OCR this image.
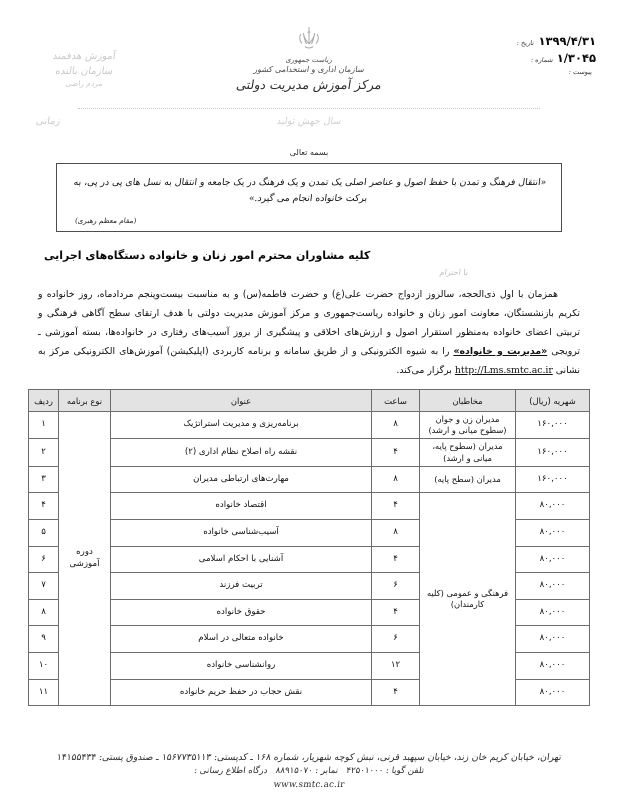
۱۳۹۹/۴/۳۱
تاریخ :
۱/۳۰۴۵
شماره :
پیوست :
ریاست جمهوری
سازمان اداری و استخدامی کشور
مرکز آموزش مدیریت دولتی
آموزش هدفمند
سازمان بالنده
مردم راضی
زمانی	سال جهش تولید
بسمه تعالی
«انتقال فرهنگ و تمدن با حفظ اصول و عناصر اصلی یک تمدن و یک فرهنگ در یک جامعه و انتقال به نسل های پی در پی، به برکت خانواده انجام می گیرد.»
(مقام معظم رهبری)
کلیه مشاوران محترم امور زنان و خانواده دستگاه‌های اجرایی
با احترام
همزمان با اول ذی‌الحجه، سالروز ازدواج حضرت علی(ع) و حضرت فاطمه(س) و به مناسبت بیست‌وپنجم مردادماه، روز خانواده و تکریم بازنشستگان، معاونت امور زنان و خانواده ریاست‌جمهوری و مرکز آموزش مدیریت دولتی با هدف ارتقای سطح آگاهی فرهنگی و تربیتی اعضای خانواده به‌منظور استقرار اصول و ارزش‌های اخلاقی و پیشگیری از بروز آسیب‌های رفتاری در خانواده‌ها، بسته آموزشی ـ ترویجی «مدیریت و خانواده» را به شیوه الکترونیکی و از طریق سامانه و برنامه کاربردی (اپلیکیشن) آموزش‌های الکترونیکی مرکز به نشانی http://Lms.smtc.ac.ir برگزار می‌کند.
شهریه (ریال)	مخاطبان	ساعت	عنوان	نوع برنامه	ردیف
۱۶۰,۰۰۰	مدیران زن و جوان (سطوح میانی و ارشد)	۸	برنامه‌ریزی و مدیریت استراتژیک	دوره آموزشی	۱
۱۶۰,۰۰۰	مدیران (سطوح پایه، میانی و ارشد)	۴	نقشه راه اصلاح نظام اداری (۲)		۲
۱۶۰,۰۰۰	مدیران (سطح پایه)	۸	مهارت‌های ارتباطی مدیران		۳
۸۰,۰۰۰	فرهنگی و عمومی (کلیه کارمندان)	۴	اقتصاد خانواده		۴
۸۰,۰۰۰		۸	آسیب‌شناسی خانواده		۵
۸۰,۰۰۰		۴	آشنایی با احکام اسلامی		۶
۸۰,۰۰۰		۶	تربیت فرزند		۷
۸۰,۰۰۰		۴	حقوق خانواده		۸
۸۰,۰۰۰		۶	خانواده متعالی در اسلام		۹
۸۰,۰۰۰		۱۲	روانشناسی خانواده		۱۰
۸۰,۰۰۰		۴	نقش حجاب در حفظ حریم خانواده		۱۱
تهران، خیابان کریم خان زند، خیابان سپهبد قرنی، نبش کوچه شهریار، شماره ۱۶۸ ـ کدپستی: ۱۵۶۷۷۳۵۱۱۳ ـ صندوق پستی: ۱۴۱۵۵۴۳۴
تلفن گویا : ۴۲۵۰۱۰۰۰   نمابر : ۸۸۹۱۵۰۷۰   درگاه اطلاع رسانی :
www.smtc.ac.ir
